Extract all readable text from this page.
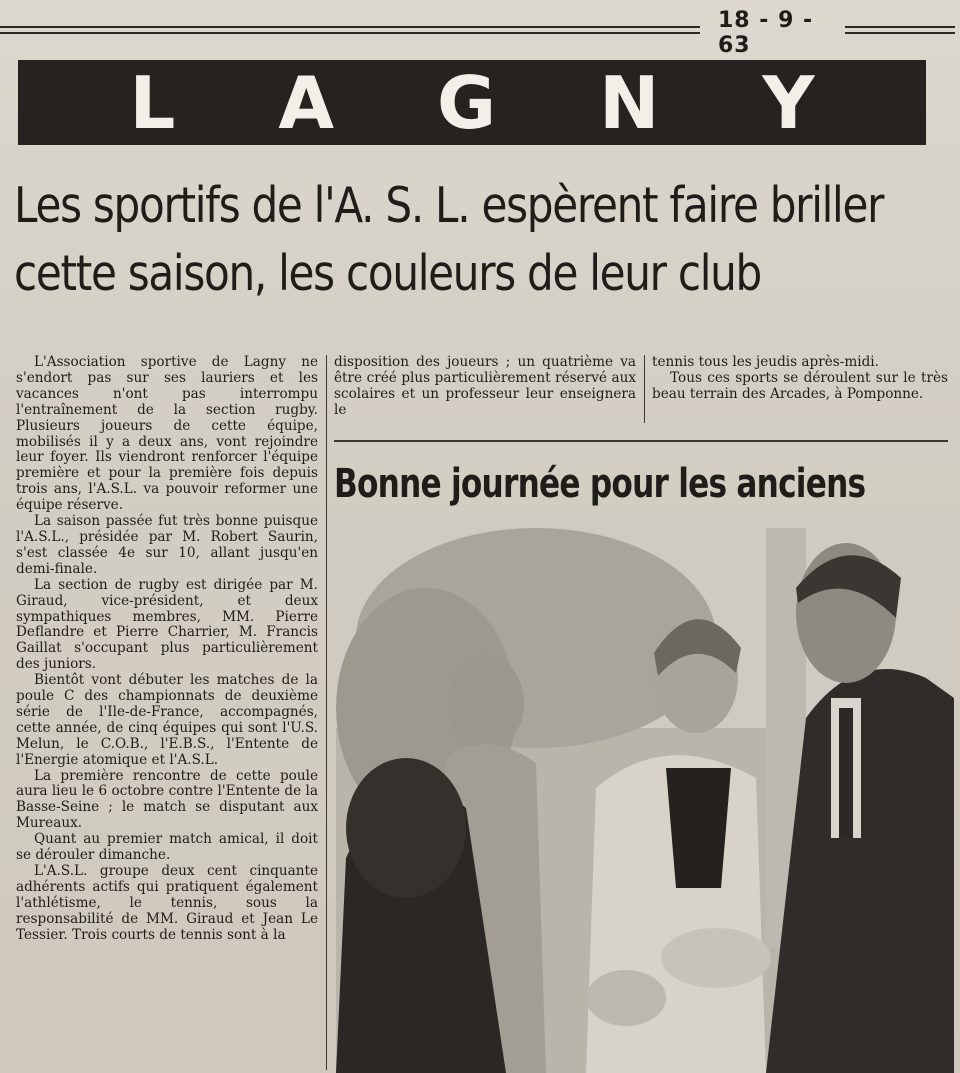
18 - 9 - 63
L A G N Y
Les sportifs de l'A. S. L. espèrent faire briller
cette saison, les couleurs de leur club

L'Association sportive de Lagny ne s'endort pas sur ses lauriers et les vacances n'ont pas interrompu l'entraînement de la section rugby. Plusieurs joueurs de cette équipe, mobilisés il y a deux ans, vont rejoindre leur foyer. Ils viendront renforcer l'équipe première et pour la première fois depuis trois ans, l'A.S.L. va pouvoir reformer une équipe réserve.

La saison passée fut très bonne puisque l'A.S.L., présidée par M. Robert Saurin, s'est classée 4e sur 10, allant jusqu'en demi-finale.

La section de rugby est dirigée par M. Giraud, vice-président, et deux sympathiques membres, MM. Pierre Deflandre et Pierre Charrier, M. Francis Gaillat s'occupant plus particulièrement des juniors.

Bientôt vont débuter les matches de la poule C des championnats de deuxième série de l'Ile-de-France, accompagnés, cette année, de cinq équipes qui sont l'U.S. Melun, le C.O.B., l'E.B.S., l'Entente de l'Energie atomique et l'A.S.L.

La première rencontre de cette poule aura lieu le 6 octobre contre l'Entente de la Basse-Seine ; le match se disputant aux Mureaux.

Quant au premier match amical, il doit se dérouler dimanche.

L'A.S.L. groupe deux cent cinquante adhérents actifs qui pratiquent également l'athlétisme, le tennis, sous la responsabilité de MM. Giraud et Jean Le Tessier. Trois courts de tennis sont à la

disposition des joueurs ; un quatrième va être créé plus particulièrement réservé aux scolaires et un professeur leur enseignera le

tennis tous les jeudis après-midi.

Tous ces sports se déroulent sur le très beau terrain des Arcades, à Pomponne.

Bonne journée pour les anciens
